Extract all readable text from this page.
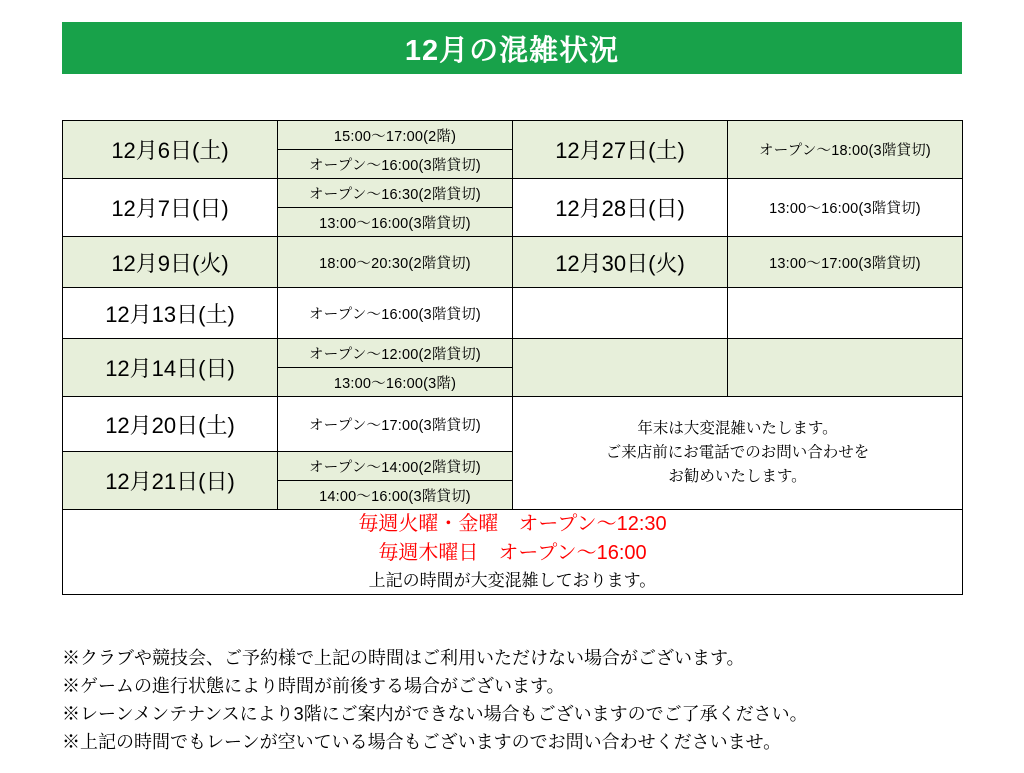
12月の混雑状況
12月6日(土)	15:00～17:00(2階)	12月27日(土)	オープン～18:00(3階貸切)
	オープン～16:00(3階貸切)		
12月7日(日)	オープン～16:30(2階貸切)	12月28日(日)	13:00～16:00(3階貸切)
	13:00～16:00(3階貸切)		
12月9日(火)	18:00～20:30(2階貸切)	12月30日(火)	13:00～17:00(3階貸切)
12月13日(土)	オープン～16:00(3階貸切)		
12月14日(日)	オープン～12:00(2階貸切)		
	13:00～16:00(3階)		
12月20日(土)	オープン～17:00(3階貸切)	年末は大変混雑いたします。
ご来店前にお電話でのお問い合わせを
お勧めいたします。	

12月21日(日)	オープン～14:00(2階貸切)		
	14:00～16:00(3階貸切)		

毎週火曜・金曜　オープン～12:30
毎週木曜日　オープン～16:00
上記の時間が大変混雑しております。			
※クラブや競技会、ご予約様で上記の時間はご利用いただけない場合がございます。
※ゲームの進行状態により時間が前後する場合がございます。
※レーンメンテナンスにより3階にご案内ができない場合もございますのでご了承ください。
※上記の時間でもレーンが空いている場合もございますのでお問い合わせくださいませ。
